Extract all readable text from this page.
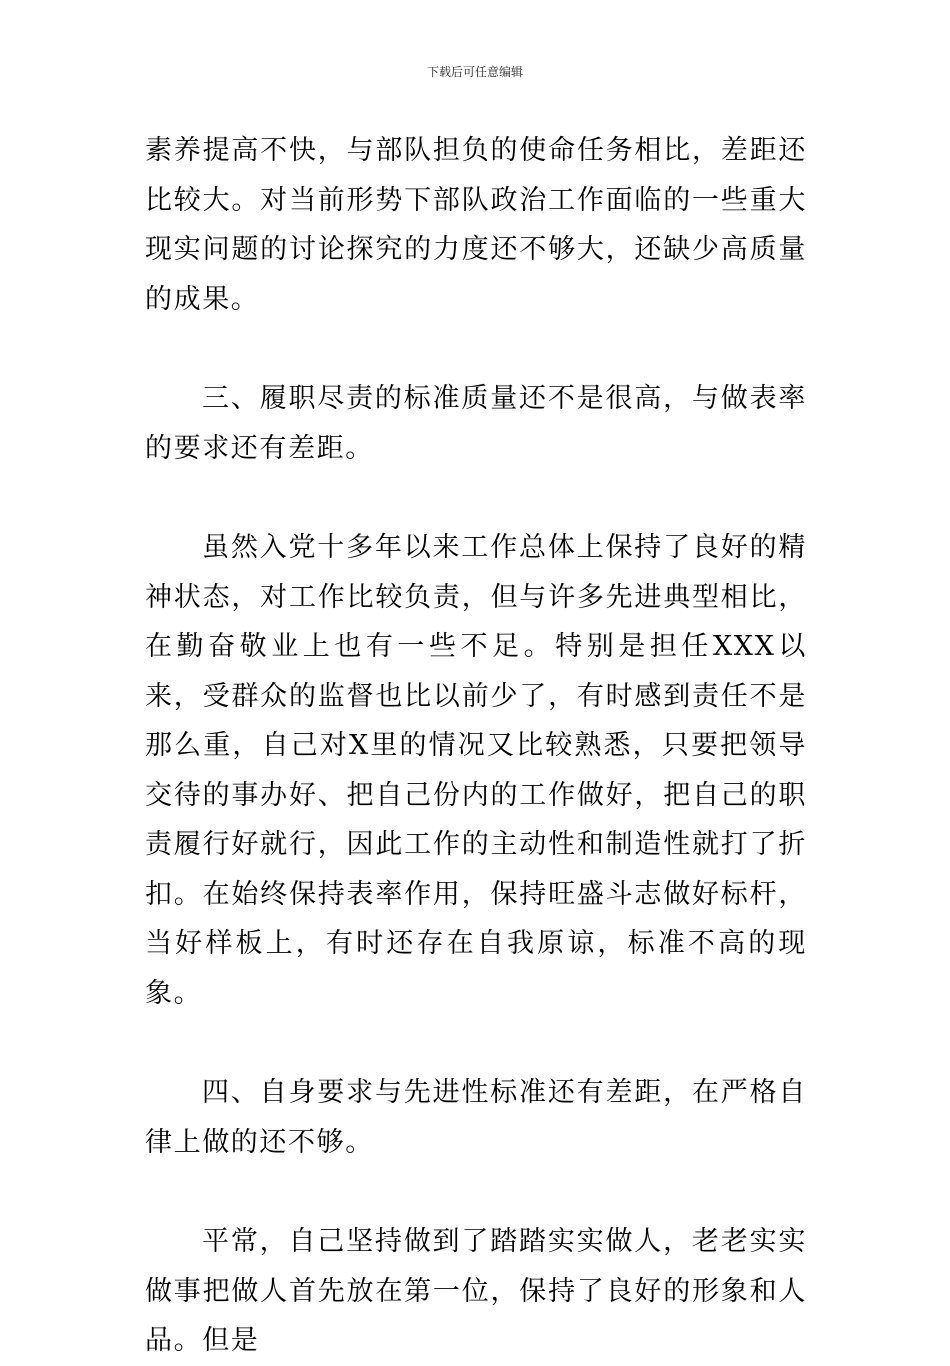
下载后可任意编辑

素养提高不快，与部队担负的使命任务相比，差距还比较大。对当前形势下部队政治工作面临的一些重大现实问题的讨论探究的力度还不够大，还缺少高质量的成果。

三、履职尽责的标准质量还不是很高，与做表率的要求还有差距。

虽然入党十多年以来工作总体上保持了良好的精神状态，对工作比较负责，但与许多先进典型相比，在勤奋敬业上也有一些不足。特别是担任XXX以来，受群众的监督也比以前少了，有时感到责任不是那么重，自己对X里的情况又比较熟悉，只要把领导交待的事办好、把自己份内的工作做好，把自己的职责履行好就行，因此工作的主动性和制造性就打了折扣。在始终保持表率作用，保持旺盛斗志做好标杆，当好样板上，有时还存在自我原谅，标准不高的现象。

四、自身要求与先进性标准还有差距，在严格自律上做的还不够。

平常，自己坚持做到了踏踏实实做人，老老实实做事把做人首先放在第一位，保持了良好的形象和人品。但是
